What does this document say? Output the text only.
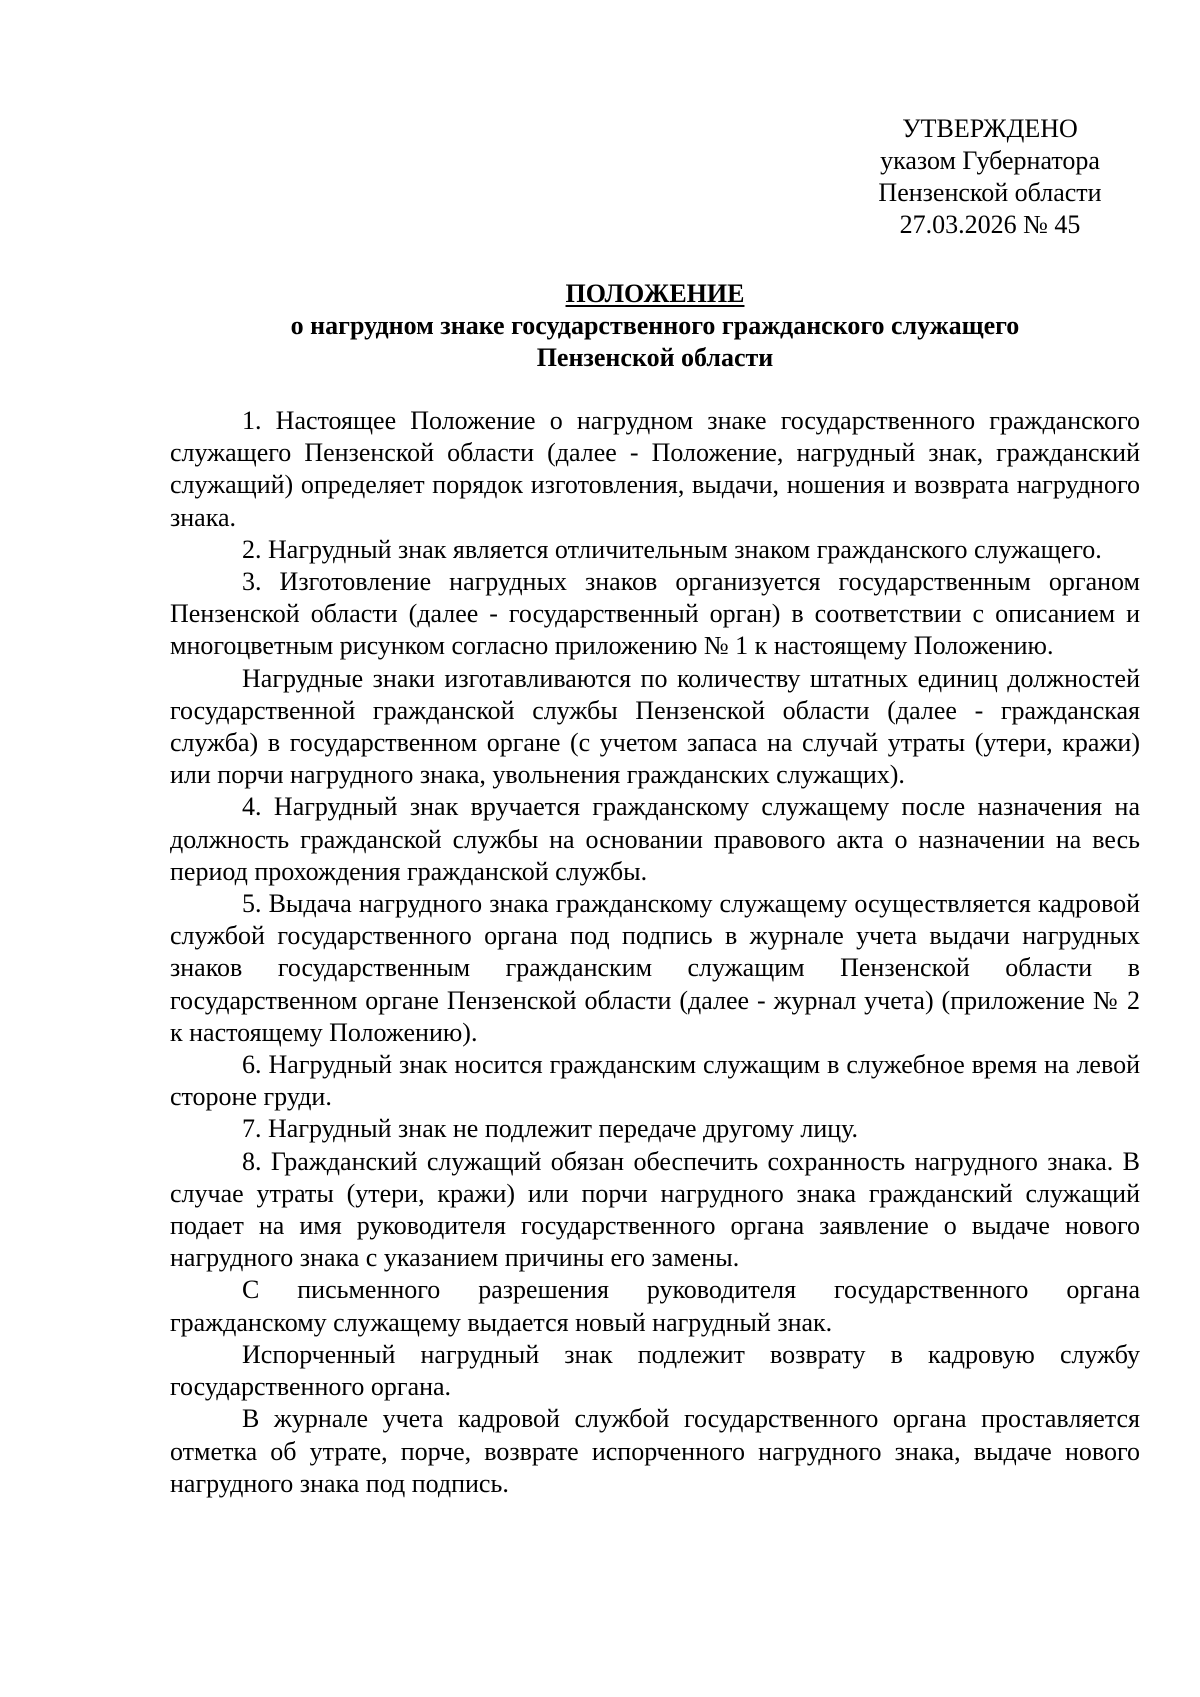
УТВЕРЖДЕНО
указом Губернатора
Пензенской области
27.03.2026 № 45
ПОЛОЖЕНИЕ
о нагрудном знаке государственного гражданского служащего
Пензенской области

1. Настоящее Положение о нагрудном знаке государственного гражданского служащего Пензенской области (далее - Положение, нагрудный знак, гражданский служащий) определяет порядок изготовления, выдачи, ношения и возврата нагрудного знака.

2. Нагрудный знак является отличительным знаком гражданского служащего.

3. Изготовление нагрудных знаков организуется государственным органом Пензенской области (далее - государственный орган) в соответствии с описанием и многоцветным рисунком согласно приложению № 1 к настоящему Положению.

Нагрудные знаки изготавливаются по количеству штатных единиц должностей государственной гражданской службы Пензенской области (далее - гражданская служба) в государственном органе (с учетом запаса на случай утраты (утери, кражи) или порчи нагрудного знака, увольнения гражданских служащих).

4. Нагрудный знак вручается гражданскому служащему после назначения на должность гражданской службы на основании правового акта о назначении на весь период прохождения гражданской службы.

5. Выдача нагрудного знака гражданскому служащему осуществляется кадровой службой государственного органа под подпись в журнале учета выдачи нагрудных знаков государственным гражданским служащим Пензенской области в государственном органе Пензенской области (далее - журнал учета) (приложение № 2 к настоящему Положению).

6. Нагрудный знак носится гражданским служащим в служебное время на левой стороне груди.

7. Нагрудный знак не подлежит передаче другому лицу.

8. Гражданский служащий обязан обеспечить сохранность нагрудного знака. В случае утраты (утери, кражи) или порчи нагрудного знака гражданский служащий подает на имя руководителя государственного органа заявление о выдаче нового нагрудного знака с указанием причины его замены.

С письменного разрешения руководителя государственного органа гражданскому служащему выдается новый нагрудный знак.

Испорченный нагрудный знак подлежит возврату в кадровую службу государственного органа.

В журнале учета кадровой службой государственного органа проставляется отметка об утрате, порче, возврате испорченного нагрудного знака, выдаче нового нагрудного знака под подпись.
